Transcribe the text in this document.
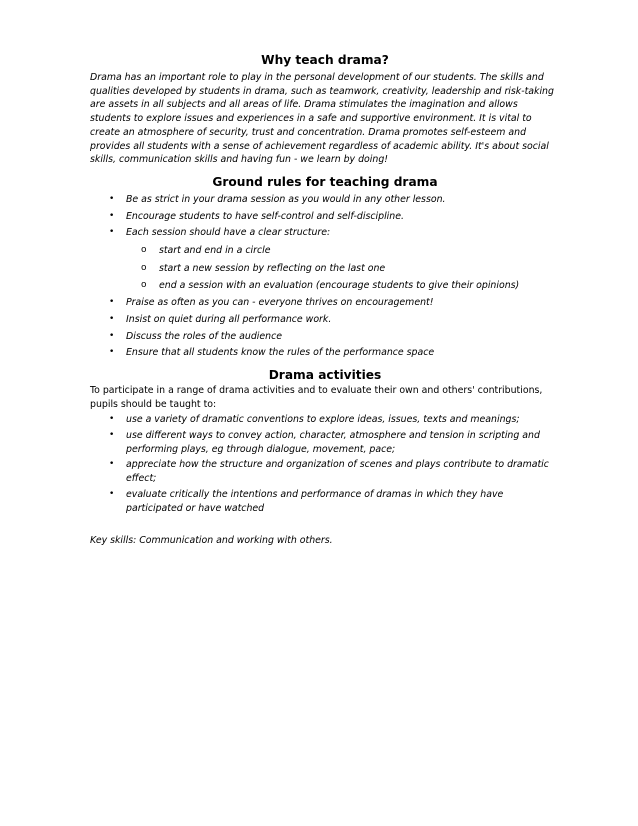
Why teach drama?

Drama has an important role to play in the personal development of our students. The skills and qualities developed by students in drama, such as teamwork, creativity, leadership and risk-taking are assets in all subjects and all areas of life. Drama stimulates the imagination and allows students to explore issues and experiences in a safe and supportive environment. It is vital to create an atmosphere of security, trust and concentration. Drama promotes self-esteem and provides all students with a sense of achievement regardless of academic ability. It's about social skills, communication skills and having fun - we learn by doing!

Ground rules for teaching drama
• Be as strict in your drama session as you would in any other lesson.
• Encourage students to have self-control and self-discipline.
• Each session should have a clear structure:
o start and end in a circle
o start a new session by reflecting on the last one
o end a session with an evaluation (encourage students to give their opinions)
• Praise as often as you can - everyone thrives on encouragement!
• Insist on quiet during all performance work.
• Discuss the roles of the audience
• Ensure that all students know the rules of the performance space
Drama activities

To participate in a range of drama activities and to evaluate their own and others' contributions, pupils should be taught to:

• use a variety of dramatic conventions to explore ideas, issues, texts and meanings;
• use different ways to convey action, character, atmosphere and tension in scripting and performing plays, eg through dialogue, movement, pace;
• appreciate how the structure and organization of scenes and plays contribute to dramatic effect;
• evaluate critically the intentions and performance of dramas in which they have participated or have watched

Key skills: Communication and working with others.
